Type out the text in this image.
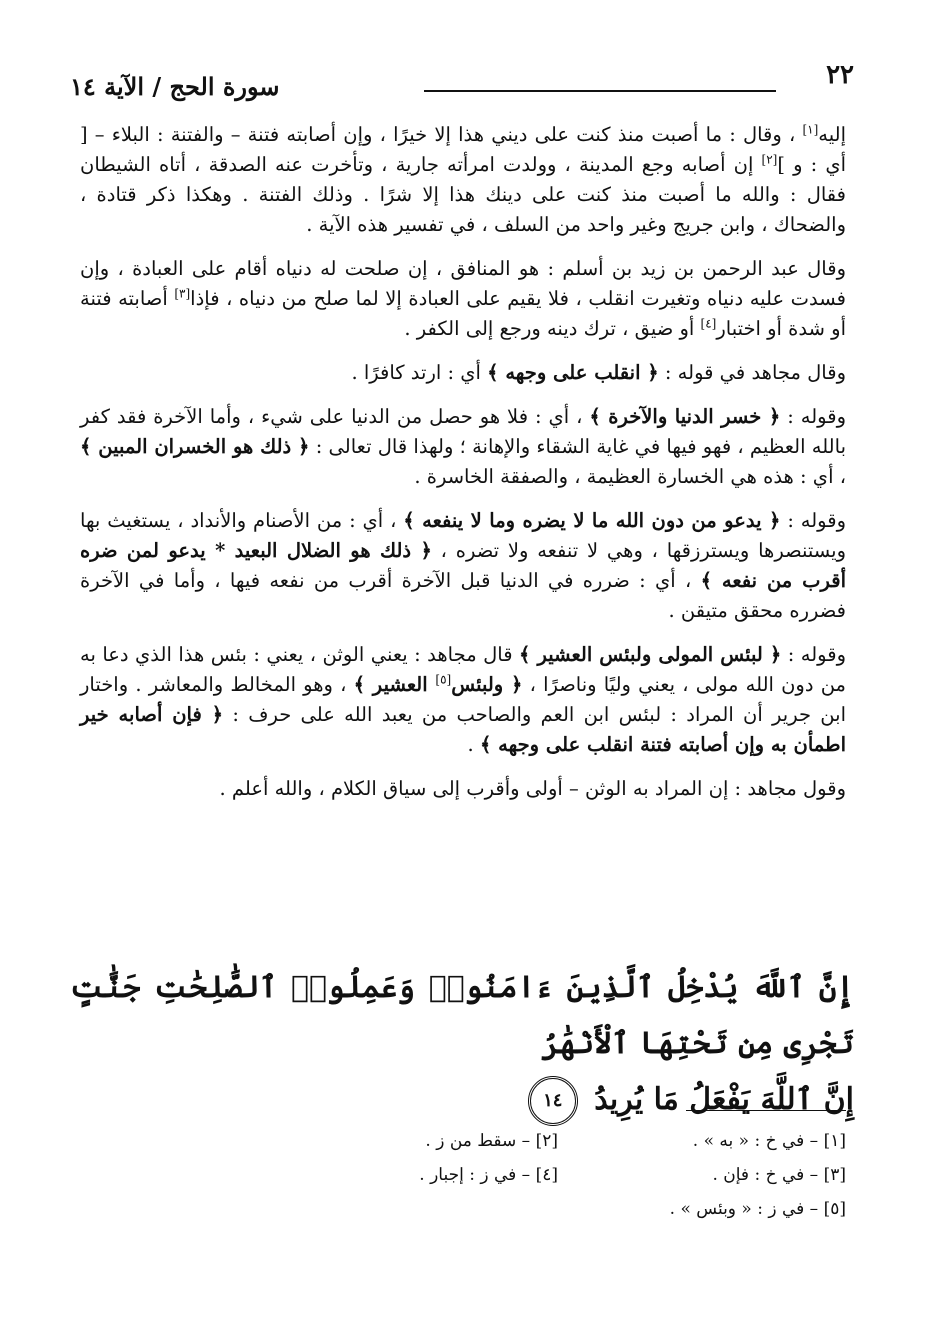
٢٢
سورة الحج / الآية ١٤

إليه[١] ، وقال : ما أصبت منذ كنت على ديني هذا إلا خيرًا ، وإن أصابته فتنة – والفتنة : البلاء – [ أي : و ][٢] إن أصابه وجع المدينة ، وولدت امرأته جارية ، وتأخرت عنه الصدقة ، أتاه الشيطان فقال : والله ما أصبت منذ كنت على دينك هذا إلا شرًا . وذلك الفتنة . وهكذا ذكر قتادة ، والضحاك ، وابن جريج وغير واحد من السلف ، في تفسير هذه الآية .

وقال عبد الرحمن بن زيد بن أسلم : هو المنافق ، إن صلحت له دنياه أقام على العبادة ، وإن فسدت عليه دنياه وتغيرت انقلب ، فلا يقيم على العبادة إلا لما صلح من دنياه ، فإذا[٣] أصابته فتنة أو شدة أو اختبار[٤] أو ضيق ، ترك دينه ورجع إلى الكفر .

وقال مجاهد في قوله : ﴿ انقلب على وجهه ﴾ أي : ارتد كافرًا .

وقوله : ﴿ خسر الدنيا والآخرة ﴾ ، أي : فلا هو حصل من الدنيا على شيء ، وأما الآخرة فقد كفر بالله العظيم ، فهو فيها في غاية الشقاء والإهانة ؛ ولهذا قال تعالى : ﴿ ذلك هو الخسران المبين ﴾ ، أي : هذه هي الخسارة العظيمة ، والصفقة الخاسرة .

وقوله : ﴿ يدعو من دون الله ما لا يضره وما لا ينفعه ﴾ ، أي : من الأصنام والأنداد ، يستغيث بها ويستنصرها ويسترزقها ، وهي لا تنفعه ولا تضره ، ﴿ ذلك هو الضلال البعيد * يدعو لمن ضره أقرب من نفعه ﴾ ، أي : ضرره في الدنيا قبل الآخرة أقرب من نفعه فيها ، وأما في الآخرة فضرره محقق متيقن .

وقوله : ﴿ لبئس المولى ولبئس العشير ﴾ قال مجاهد : يعني الوثن ، يعني : بئس هذا الذي دعا به من دون الله مولى ، يعني وليًا وناصرًا ، ﴿ ولبئس[٥] العشير ﴾ ، وهو المخالط والمعاشر . واختار ابن جرير أن المراد : لبئس ابن العم والصاحب من يعبد الله على حرف : ﴿ فإن أصابه خير اطمأن به وإن أصابته فتنة انقلب على وجهه ﴾ .

وقول مجاهد : إن المراد به الوثن – أولى وأقرب إلى سياق الكلام ، والله أعلم .

إِنَّ ٱللَّهَ يُدْخِلُ ٱلَّذِينَ ءَامَنُوا۟ وَعَمِلُوا۟ ٱلصَّٰلِحَٰتِ جَنَّٰتٍ تَجْرِى مِن تَحْتِهَا ٱلْأَنْهَٰرُ
إِنَّ ٱللَّهَ يَفْعَلُ مَا يُرِيدُ ١٤
[١] – في خ : « به » .
[٢] – سقط من ز .
[٣] – في خ : فإن .
[٤] – في ز : إجبار .
[٥] – في ز : « وبئس » .
